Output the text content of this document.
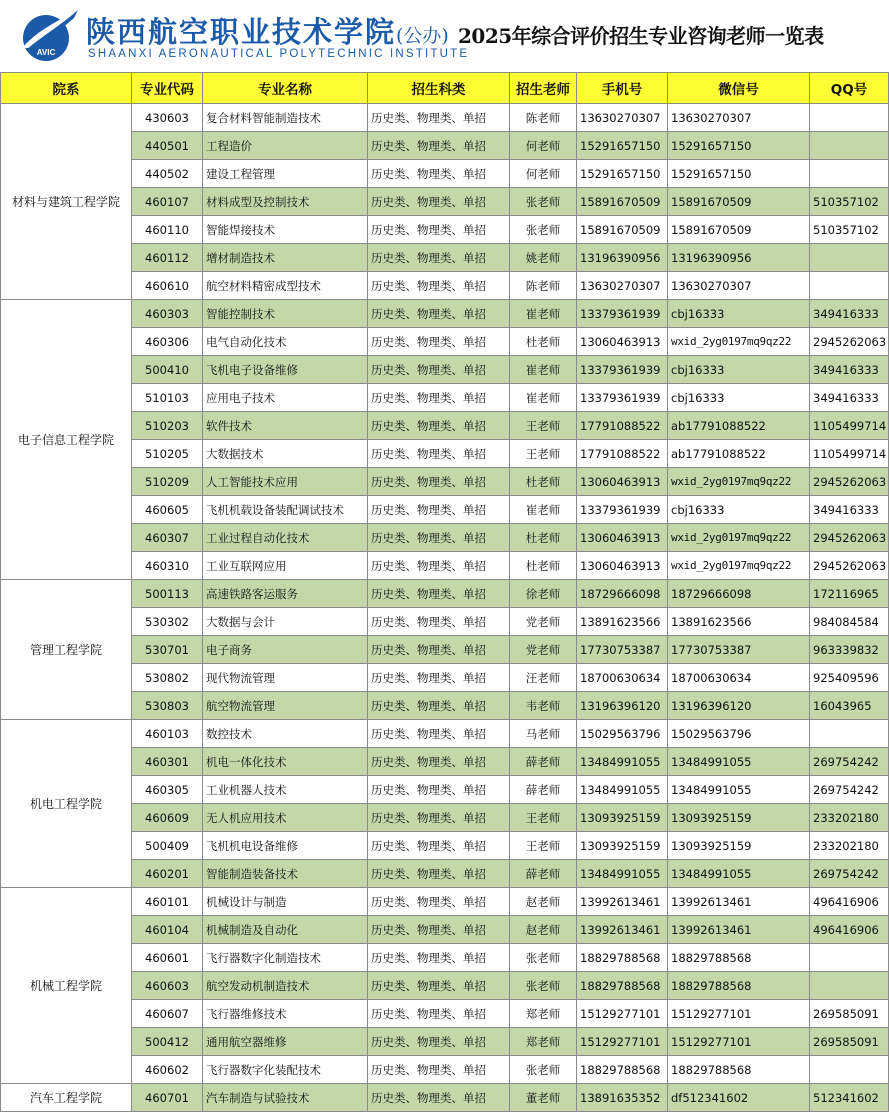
AVIC
陕西航空职业技术学院(公办)
SHAANXI AERONAUTICAL POLYTECHNIC INSTITUTE
2025年综合评价招生专业咨询老师一览表
院系	专业代码	专业名称	招生科类	招生老师	手机号	微信号	QQ号
材料与建筑工程学院	430603	复合材料智能制造技术	历史类、物理类、单招	陈老师	13630270307	13630270307	
	440501	工程造价	历史类、物理类、单招	何老师	15291657150	15291657150	
	440502	建设工程管理	历史类、物理类、单招	何老师	15291657150	15291657150	
	460107	材料成型及控制技术	历史类、物理类、单招	张老师	15891670509	15891670509	510357102
	460110	智能焊接技术	历史类、物理类、单招	张老师	15891670509	15891670509	510357102
	460112	增材制造技术	历史类、物理类、单招	姚老师	13196390956	13196390956	
	460610	航空材料精密成型技术	历史类、物理类、单招	陈老师	13630270307	13630270307	
电子信息工程学院	460303	智能控制技术	历史类、物理类、单招	崔老师	13379361939	cbj16333	349416333
	460306	电气自动化技术	历史类、物理类、单招	杜老师	13060463913	wxid_2yg0197mq9qz22	2945262063
	500410	飞机电子设备维修	历史类、物理类、单招	崔老师	13379361939	cbj16333	349416333
	510103	应用电子技术	历史类、物理类、单招	崔老师	13379361939	cbj16333	349416333
	510203	软件技术	历史类、物理类、单招	王老师	17791088522	ab17791088522	1105499714
	510205	大数据技术	历史类、物理类、单招	王老师	17791088522	ab17791088522	1105499714
	510209	人工智能技术应用	历史类、物理类、单招	杜老师	13060463913	wxid_2yg0197mq9qz22	2945262063
	460605	飞机机载设备装配调试技术	历史类、物理类、单招	崔老师	13379361939	cbj16333	349416333
	460307	工业过程自动化技术	历史类、物理类、单招	杜老师	13060463913	wxid_2yg0197mq9qz22	2945262063
	460310	工业互联网应用	历史类、物理类、单招	杜老师	13060463913	wxid_2yg0197mq9qz22	2945262063
管理工程学院	500113	高速铁路客运服务	历史类、物理类、单招	徐老师	18729666098	18729666098	172116965
	530302	大数据与会计	历史类、物理类、单招	党老师	13891623566	13891623566	984084584
	530701	电子商务	历史类、物理类、单招	党老师	17730753387	17730753387	963339832
	530802	现代物流管理	历史类、物理类、单招	汪老师	18700630634	18700630634	925409596
	530803	航空物流管理	历史类、物理类、单招	韦老师	13196396120	13196396120	16043965
机电工程学院	460103	数控技术	历史类、物理类、单招	马老师	15029563796	15029563796	
	460301	机电一体化技术	历史类、物理类、单招	薛老师	13484991055	13484991055	269754242
	460305	工业机器人技术	历史类、物理类、单招	薛老师	13484991055	13484991055	269754242
	460609	无人机应用技术	历史类、物理类、单招	王老师	13093925159	13093925159	233202180
	500409	飞机机电设备维修	历史类、物理类、单招	王老师	13093925159	13093925159	233202180
	460201	智能制造装备技术	历史类、物理类、单招	薛老师	13484991055	13484991055	269754242
机械工程学院	460101	机械设计与制造	历史类、物理类、单招	赵老师	13992613461	13992613461	496416906
	460104	机械制造及自动化	历史类、物理类、单招	赵老师	13992613461	13992613461	496416906
	460601	飞行器数字化制造技术	历史类、物理类、单招	张老师	18829788568	18829788568	
	460603	航空发动机制造技术	历史类、物理类、单招	张老师	18829788568	18829788568	
	460607	飞行器维修技术	历史类、物理类、单招	郑老师	15129277101	15129277101	269585091
	500412	通用航空器维修	历史类、物理类、单招	郑老师	15129277101	15129277101	269585091
	460602	飞行器数字化装配技术	历史类、物理类、单招	张老师	18829788568	18829788568	
汽车工程学院	460701	汽车制造与试验技术	历史类、物理类、单招	董老师	13891635352	df512341602	512341602
